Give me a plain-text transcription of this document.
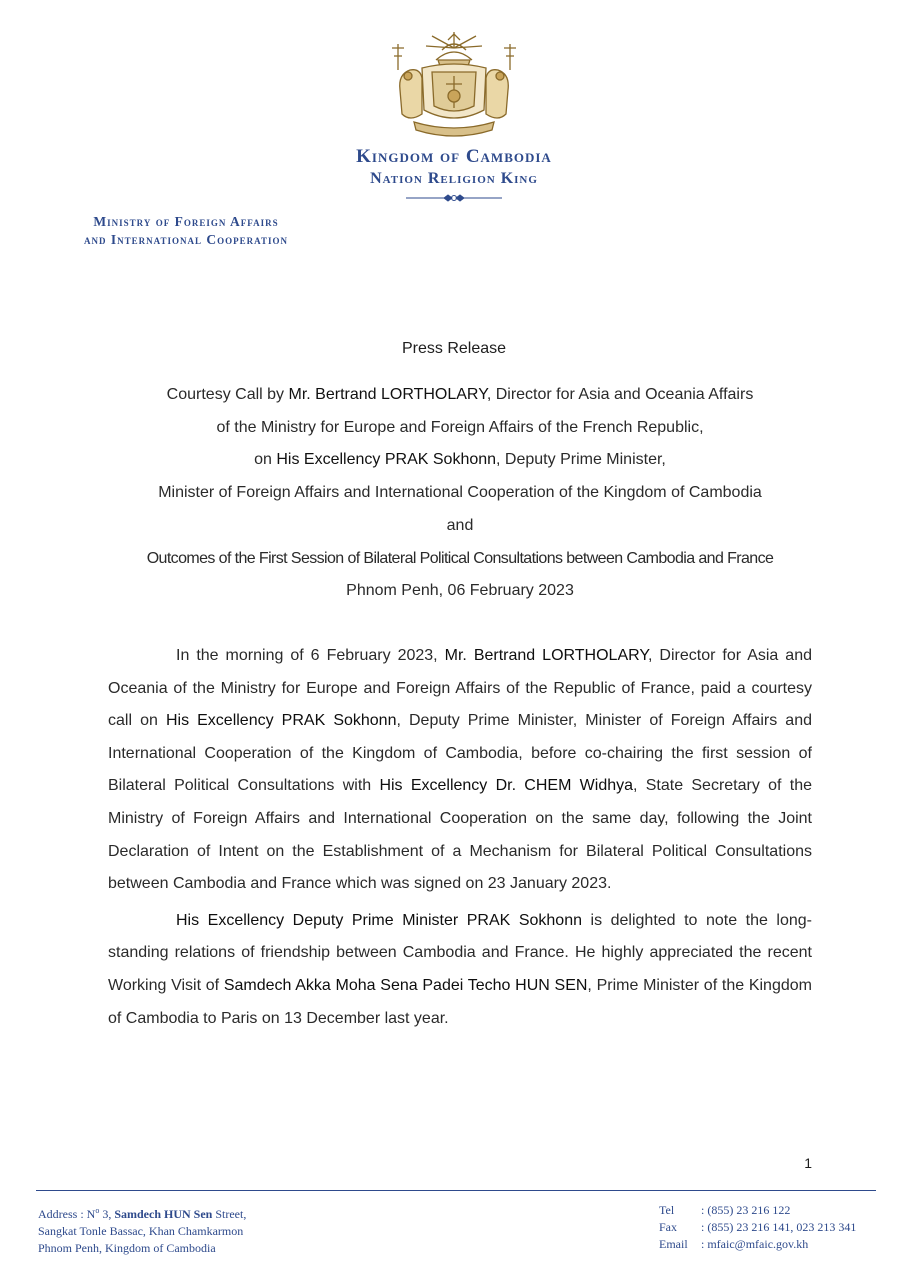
Kingdom of Cambodia
Nation Religion King
Ministry of Foreign Affairs
and International Cooperation
Press Release
Courtesy Call by Mr. Bertrand LORTHOLARY, Director for Asia and Oceania Affairs
of the Ministry for Europe and Foreign Affairs of the French Republic,
on His Excellency PRAK Sokhonn, Deputy Prime Minister,
Minister of Foreign Affairs and International Cooperation of the Kingdom of Cambodia
and
Outcomes of the First Session of Bilateral Political Consultations between Cambodia and France
Phnom Penh, 06 February 2023

In the morning of 6 February 2023, Mr. Bertrand LORTHOLARY, Director for Asia and Oceania of the Ministry for Europe and Foreign Affairs of the Republic of France, paid a courtesy call on His Excellency PRAK Sokhonn, Deputy Prime Minister, Minister of Foreign Affairs and International Cooperation of the Kingdom of Cambodia, before co-chairing the first session of Bilateral Political Consultations with His Excellency Dr. CHEM Widhya, State Secretary of the Ministry of Foreign Affairs and International Cooperation on the same day, following the Joint Declaration of Intent on the Establishment of a Mechanism for Bilateral Political Consultations between Cambodia and France which was signed on 23 January 2023.

His Excellency Deputy Prime Minister PRAK Sokhonn is delighted to note the long-standing relations of friendship between Cambodia and France. He highly appreciated the recent Working Visit of Samdech Akka Moha Sena Padei Techo HUN SEN, Prime Minister of the Kingdom of Cambodia to Paris on 13 December last year.

1
Address : $N^o$ 3, Samdech HUN Sen Street,
Sangkat Tonle Bassac, Khan Chamkarmon
Phnom Penh, Kingdom of Cambodia
Tel : (855) 23 216 122
Fax : (855) 23 216 141, 023 213 341
Email : mfaic@mfaic.gov.kh
